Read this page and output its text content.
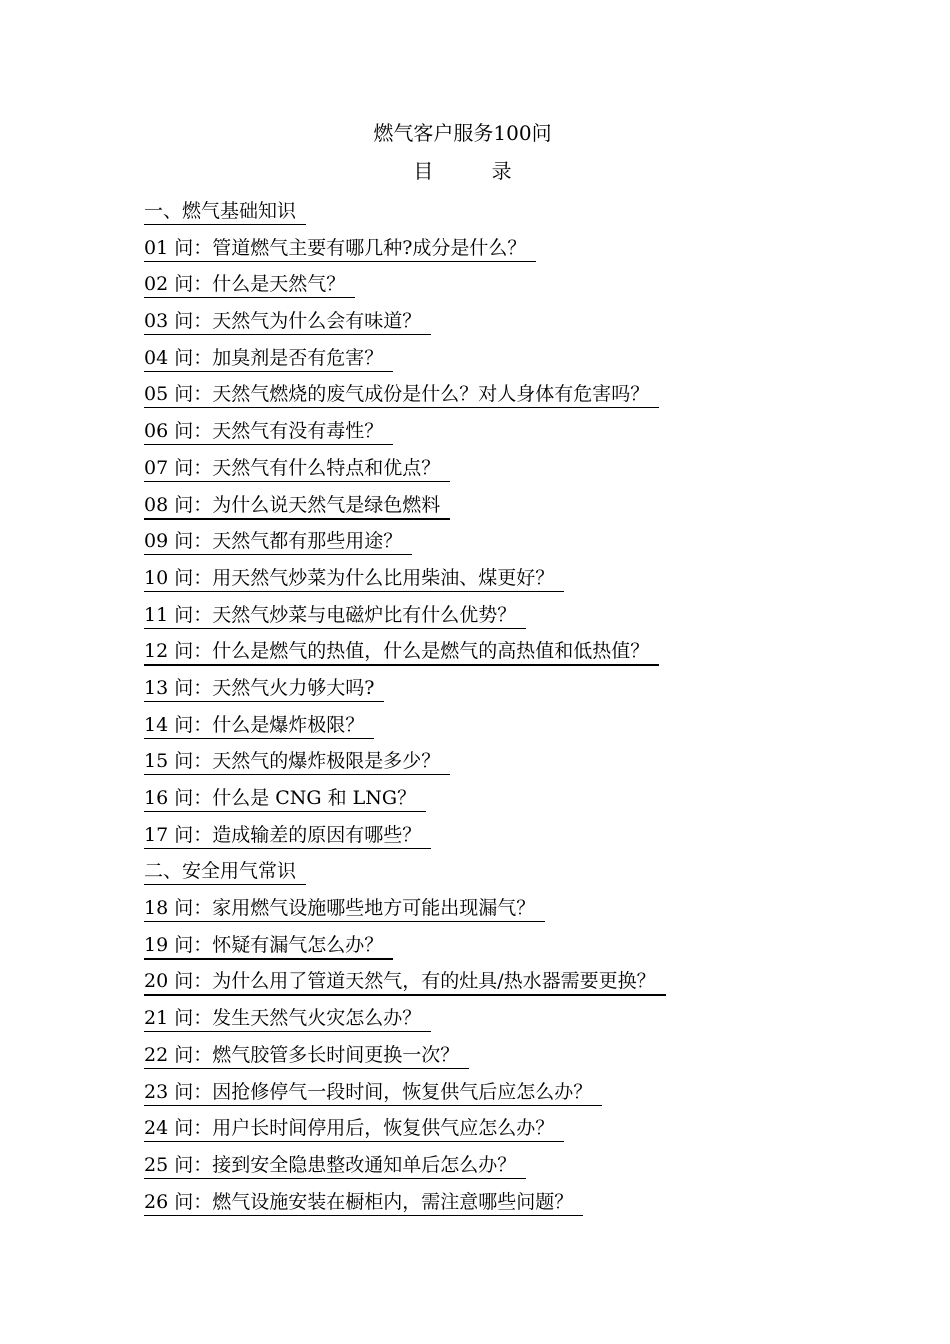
燃气客户服务100问
目 录
一、燃气基础知识
01 问：管道燃气主要有哪几种?成分是什么？
02 问：什么是天然气？
03 问：天然气为什么会有味道？
04 问：加臭剂是否有危害？
05 问：天然气燃烧的废气成份是什么？对人身体有危害吗？
06 问：天然气有没有毒性？
07 问：天然气有什么特点和优点？
08 问：为什么说天然气是绿色燃料
09 问：天然气都有那些用途？
10 问：用天然气炒菜为什么比用柴油、煤更好？
11 问：天然气炒菜与电磁炉比有什么优势？
12 问：什么是燃气的热值，什么是燃气的高热值和低热值？
13 问：天然气火力够大吗?
14 问：什么是爆炸极限？
15 问：天然气的爆炸极限是多少？
16 问：什么是 CNG 和 LNG？
17 问：造成输差的原因有哪些？
二、安全用气常识
18 问：家用燃气设施哪些地方可能出现漏气？
19 问：怀疑有漏气怎么办？
20 问：为什么用了管道天然气，有的灶具/热水器需要更换？
21 问：发生天然气火灾怎么办？
22 问：燃气胶管多长时间更换一次？
23 问：因抢修停气一段时间，恢复供气后应怎么办？
24 问：用户长时间停用后，恢复供气应怎么办？
25 问：接到安全隐患整改通知单后怎么办？
26 问：燃气设施安装在橱柜内，需注意哪些问题？
